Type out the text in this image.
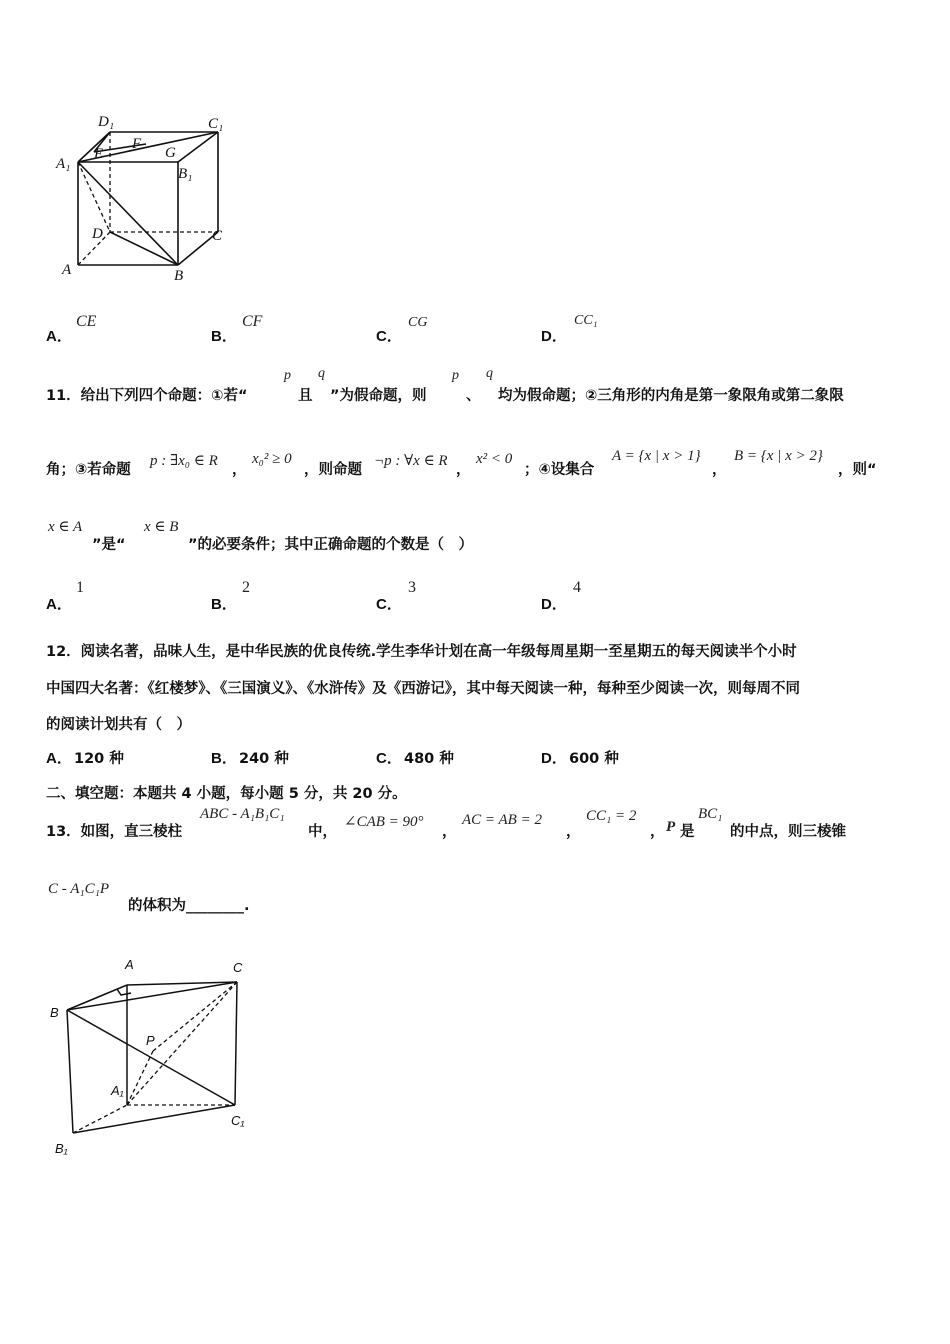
D₁	C₁
A₁
E
F
G
B₁
D	C
A	B
A．
CE
B．
CF
C．
CG
D．
CC₁
11．给出下列四个命题：①若“
p
且
q
”为假命题，则
p
、
q
均为假命题；②三角形的内角是第一象限角或第二象限
角；③若命题
p : ∃x₀ ∈ R
，
x₀² ≥ 0
，则命题
¬p : ∀x ∈ R
，
x² < 0
；④设集合
A = {x | x > 1}
，
B = {x | x > 2}
，则“
x ∈ A
”是“
x ∈ B
”的必要条件；其中正确命题的个数是（　）
A．
1
B．
2
C．
3
D．
4
12．阅读名著，品味人生，是中华民族的优良传统.学生李华计划在高一年级每周星期一至星期五的每天阅读半个小时
中国四大名著：《红楼梦》、《三国演义》、《水浒传》及《西游记》，其中每天阅读一种，每种至少阅读一次，则每周不同
的阅读计划共有（　）
A． 120 种	B． 240 种	C． 480 种	D． 600 种
二、填空题：本题共 4 小题，每小题 5 分，共 20 分。
13．如图，直三棱柱
ABC - A₁B₁C₁
中，
∠CAB = 90°
，
AC = AB = 2
，
CC₁ = 2
， P 是
BC₁
的中点，则三棱锥
C - A₁C₁P
的体积为________.
A	C
B
P
A₁
C₁
B₁
